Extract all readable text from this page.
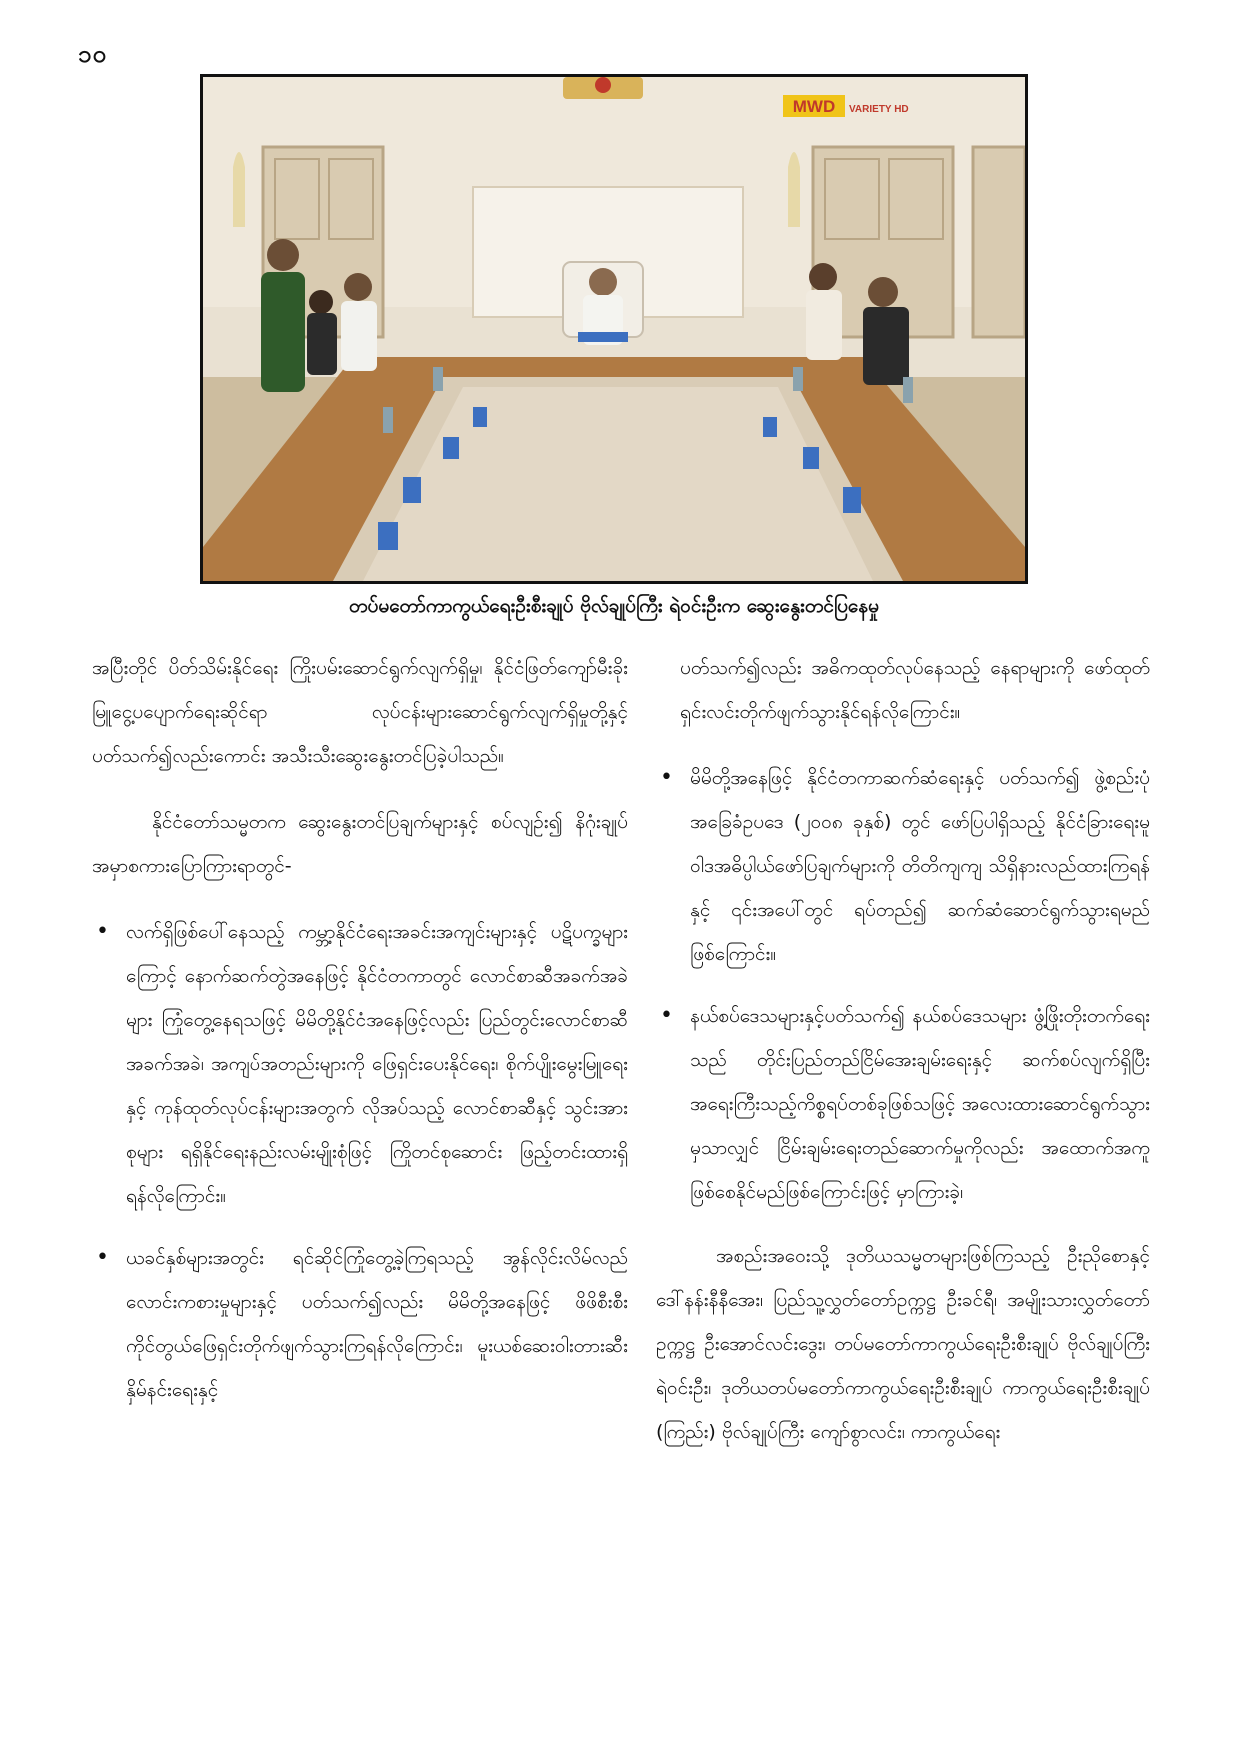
၁၀
MWD VARIETY HD
တပ်မတော်ကာကွယ်ရေးဦးစီးချုပ် ဗိုလ်ချုပ်ကြီး ရဲဝင်းဦးက ဆွေးနွေးတင်ပြနေမှု

အပြီးတိုင် ပိတ်သိမ်းနိုင်ရေး ကြိုးပမ်းဆောင်ရွက်လျက်ရှိမှု၊ နိုင်ငံဖြတ်ကျော်မီးခိုးမြူငွေ့ပပျောက်ရေးဆိုင်ရာ လုပ်ငန်းများဆောင်ရွက်လျက်ရှိမှုတို့နှင့် ပတ်သက်၍လည်းကောင်း အသီးသီးဆွေးနွေးတင်ပြခဲ့ပါသည်။

နိုင်ငံတော်သမ္မတက ဆွေးနွေးတင်ပြချက်များနှင့် စပ်လျဉ်း၍ နိဂုံးချုပ်အမှာစကားပြောကြားရာတွင်-

• လက်ရှိဖြစ်ပေါ်နေသည့် ကမ္ဘာ့နိုင်ငံရေးအခင်းအကျင်းများနှင့် ပဋိပက္ခများကြောင့် နောက်ဆက်တွဲအနေဖြင့် နိုင်ငံတကာတွင် လောင်စာဆီအခက်အခဲများ ကြုံတွေ့နေရသဖြင့် မိမိတို့နိုင်ငံအနေဖြင့်လည်း ပြည်တွင်းလောင်စာဆီအခက်အခဲ၊ အကျပ်အတည်းများကို ဖြေရှင်းပေးနိုင်ရေး၊ စိုက်ပျိုးမွေးမြူရေးနှင့် ကုန်ထုတ်လုပ်ငန်းများအတွက် လိုအပ်သည့် လောင်စာဆီနှင့် သွင်းအားစုများ ရရှိနိုင်ရေးနည်းလမ်းမျိုးစုံဖြင့် ကြိုတင်စုဆောင်း ဖြည့်တင်းထားရှိရန်လိုကြောင်း။
• ယခင်နှစ်များအတွင်း ရင်ဆိုင်ကြုံတွေ့ခဲ့ကြရသည့် အွန်လိုင်းလိမ်လည်လောင်းကစားမှုများနှင့် ပတ်သက်၍လည်း မိမိတို့အနေဖြင့် ဖိဖိစီးစီးကိုင်တွယ်ဖြေရှင်းတိုက်ဖျက်သွားကြရန်လိုကြောင်း၊ မူးယစ်ဆေးဝါးတားဆီးနှိမ်နင်းရေးနှင့်

ပတ်သက်၍လည်း အဓိကထုတ်လုပ်နေသည့် နေရာများကို ဖော်ထုတ်ရှင်းလင်းတိုက်ဖျက်သွားနိုင်ရန်လိုကြောင်း။

• မိမိတို့အနေဖြင့် နိုင်ငံတကာဆက်ဆံရေးနှင့် ပတ်သက်၍ ဖွဲ့စည်းပုံအခြေခံဥပဒေ (၂၀၀၈ ခုနှစ်) တွင် ဖော်ပြပါရှိသည့် နိုင်ငံခြားရေးမူဝါဒအဓိပ္ပါယ်ဖော်ပြချက်များကို တိတိကျကျ သိရှိနားလည်ထားကြရန်နှင့် ၎င်းအပေါ်တွင် ရပ်တည်၍ ဆက်ဆံဆောင်ရွက်သွားရမည်ဖြစ်ကြောင်း။
• နယ်စပ်ဒေသများနှင့်ပတ်သက်၍ နယ်စပ်ဒေသများ ဖွံ့ဖြိုးတိုးတက်ရေးသည် တိုင်းပြည်တည်ငြိမ်အေးချမ်းရေးနှင့် ဆက်စပ်လျက်ရှိပြီး အရေးကြီးသည့်ကိစ္စရပ်တစ်ခုဖြစ်သဖြင့် အလေးထားဆောင်ရွက်သွားမှသာလျှင် ငြိမ်းချမ်းရေးတည်ဆောက်မှုကိုလည်း အထောက်အကူဖြစ်စေနိုင်မည်ဖြစ်ကြောင်းဖြင့် မှာကြားခဲ့၊

အစည်းအဝေးသို့ ဒုတိယသမ္မတများဖြစ်ကြသည့် ဦးညိုစောနှင့် ဒေါ်နန်းနီနီအေး၊ ပြည်သူ့လွှတ်တော်ဥက္ကဋ္ဌ ဦးခင်ရီ၊ အမျိုးသားလွှတ်တော်ဥက္ကဋ္ဌ ဦးအောင်လင်းဒွေး၊ တပ်မတော်ကာကွယ်ရေးဦးစီးချုပ် ဗိုလ်ချုပ်ကြီး ရဲဝင်းဦး၊ ဒုတိယတပ်မတော်ကာကွယ်ရေးဦးစီးချုပ် ကာကွယ်ရေးဦးစီးချုပ် (ကြည်း) ဗိုလ်ချုပ်ကြီး ကျော်စွာလင်း၊ ကာကွယ်ရေး
